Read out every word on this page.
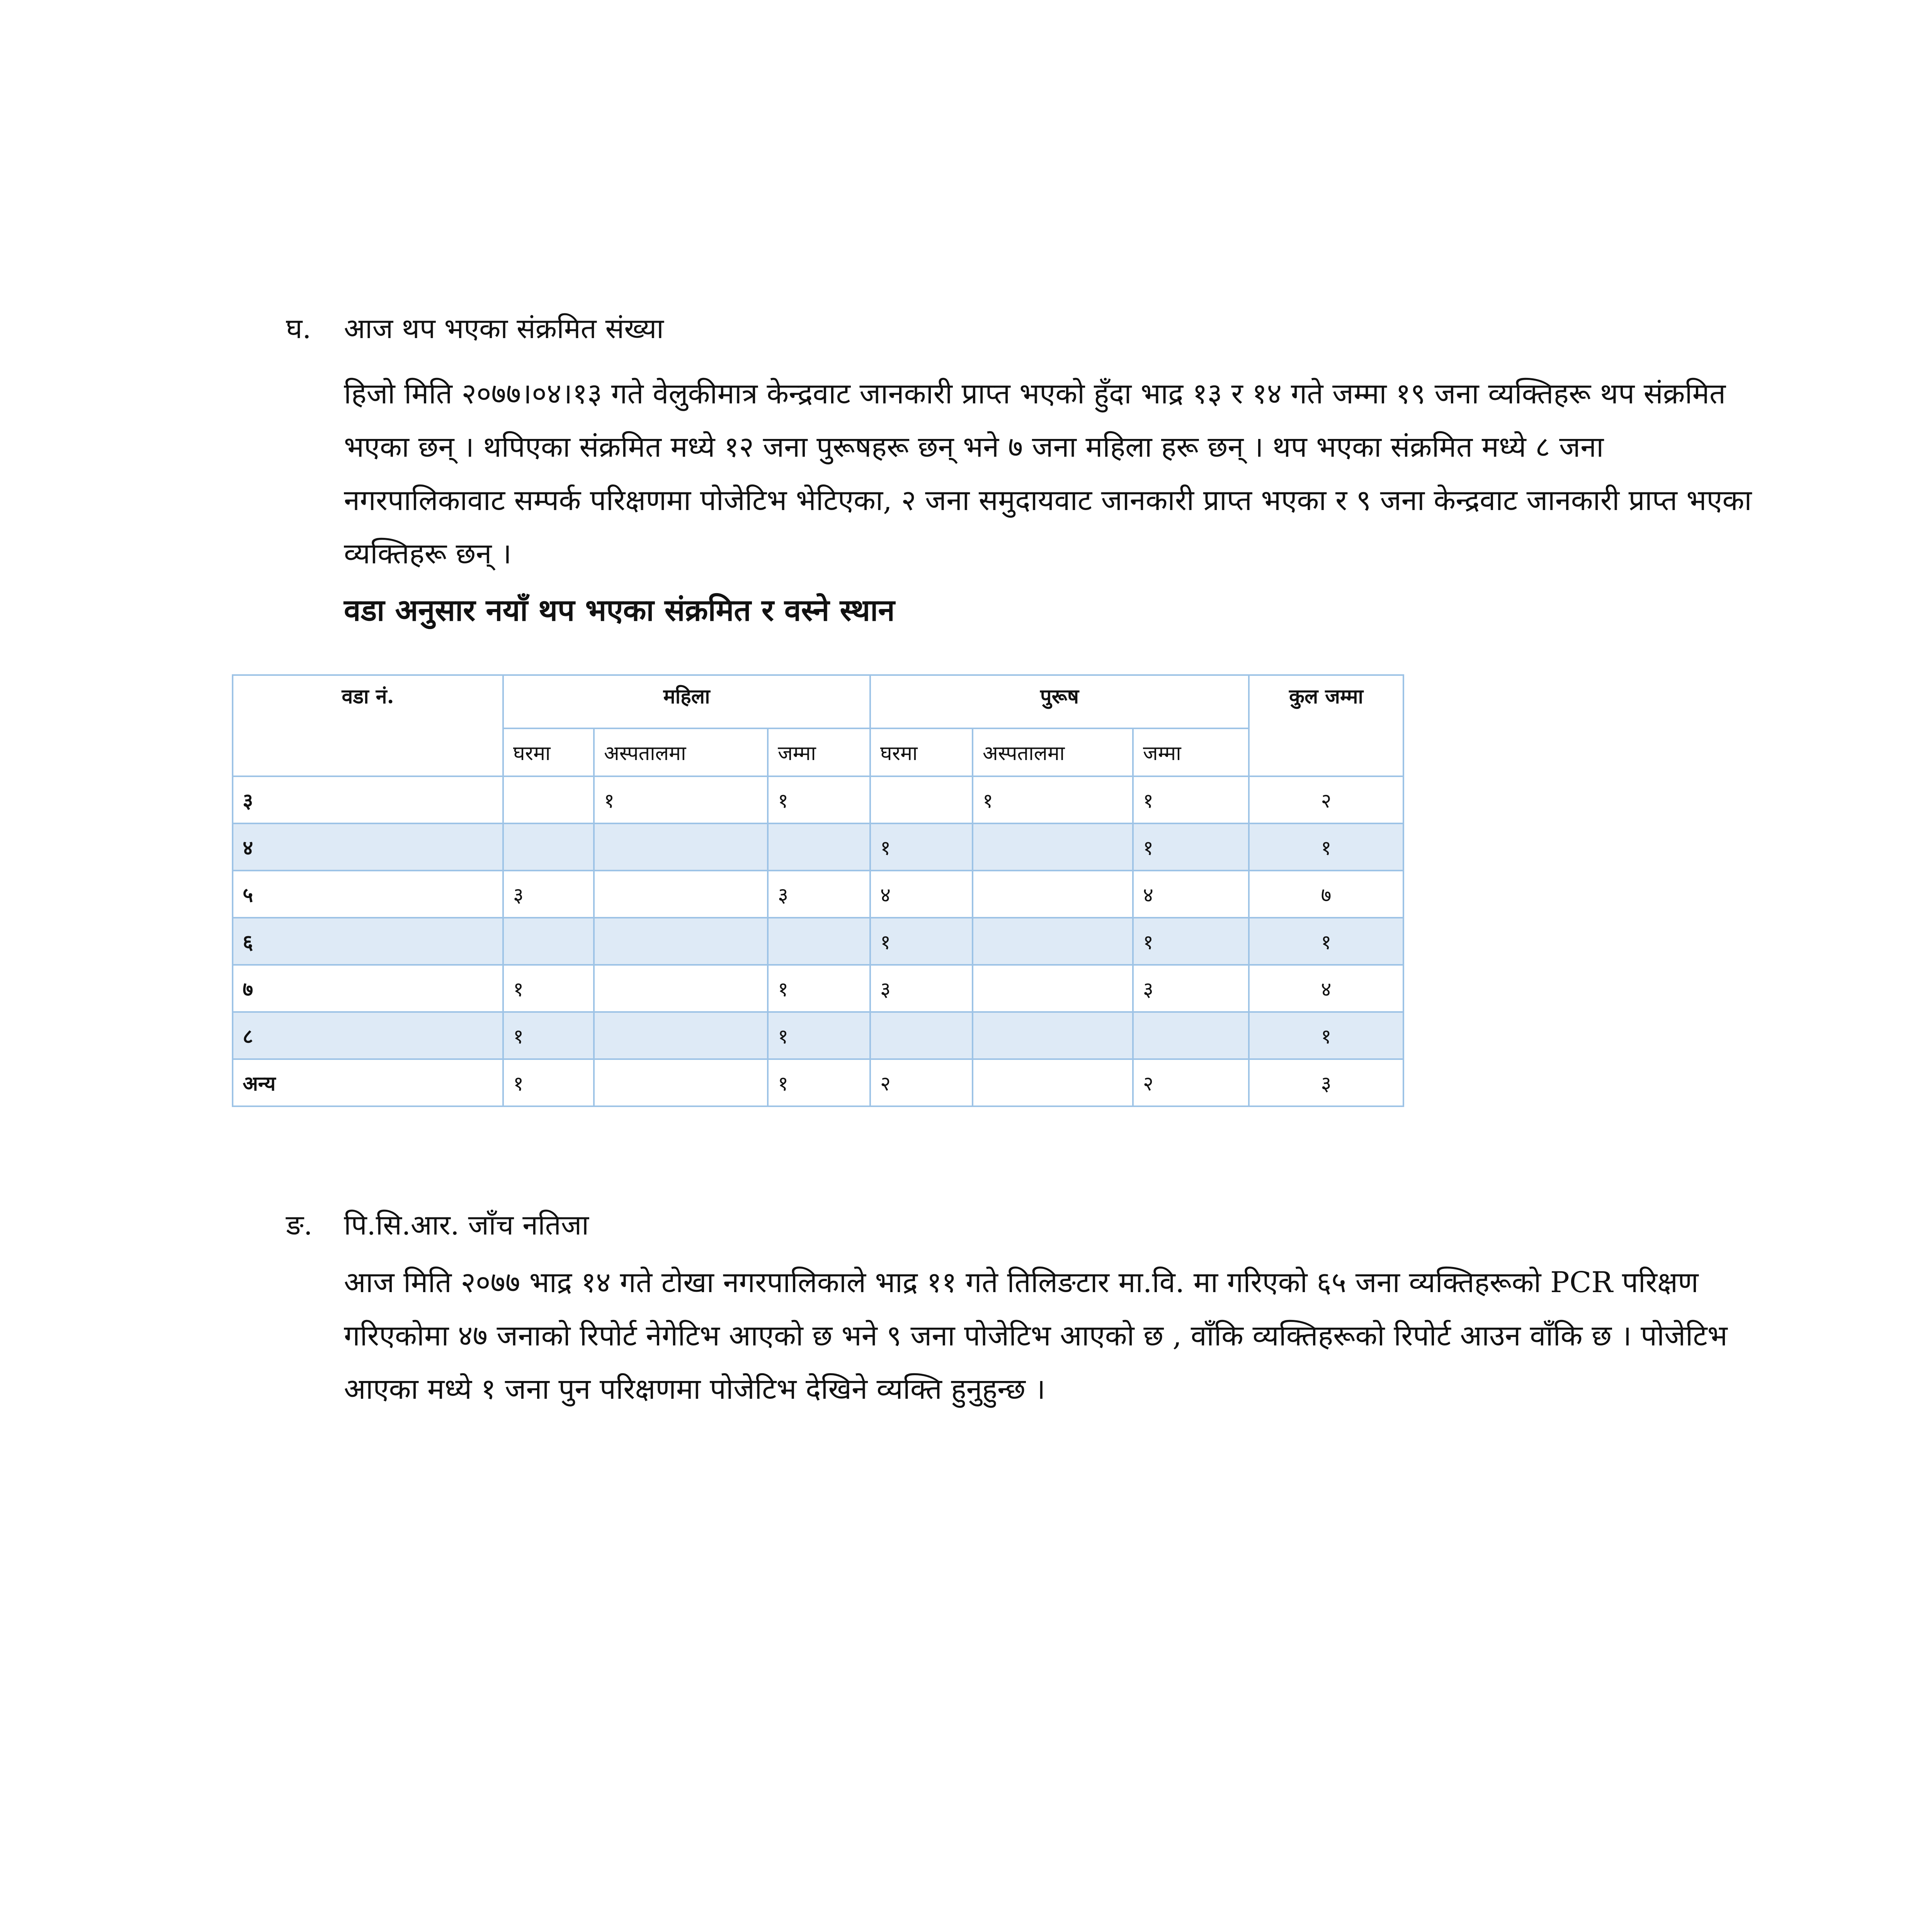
घ. आज थप भएका संक्रमित संख्या

हिजो मिति २०७७।०४।१३ गते वेलुकीमात्र केन्द्रवाट जानकारी प्राप्त भएको हुँदा भाद्र १३ र १४ गते जम्मा १९ जना व्यक्तिहरू थप संक्रमित भएका छन् । थपिएका संक्रमित मध्ये १२ जना पुरूषहरू छन् भने ७ जना महिला हरू छन् । थप भएका संक्रमित मध्ये ८ जना नगरपालिकावाट सम्पर्क परिक्षणमा पोजेटिभ भेटिएका, २ जना समुदायवाट जानकारी प्राप्त भएका र ९ जना केन्द्रवाट जानकारी प्राप्त भएका व्यक्तिहरू छन् ।

वडा अनुसार नयाँ थप भएका संक्रमित र वस्ने स्थान
वडा नं.	महिला			पुरूष			कुल जम्मा
	घरमा	अस्पतालमा	जम्मा	घरमा	अस्पतालमा	जम्मा	
३		१	१		१	१	२
४				१		१	१
५	३		३	४		४	७
६				१		१	१
७	१		१	३		३	४
८	१		१				१
अन्य	१		१	२		२	३
ङ. पि.सि.आर. जाँच नतिजा

आज मिति २०७७ भाद्र १४ गते टोखा नगरपालिकाले भाद्र ११ गते तिलिङटार मा.वि. मा गरिएको ६५ जना व्यक्तिहरूको PCR परिक्षण गरिएकोमा ४७ जनाको रिपोर्ट नेगेटिभ आएको छ भने ९ जना पोजेटिभ आएको छ , वाँकि व्यक्तिहरूको रिपोर्ट आउन वाँकि छ । पोजेटिभ आएका मध्ये १ जना पुन परिक्षणमा पोजेटिभ देखिने व्यक्ति हुनुहुन्छ ।
